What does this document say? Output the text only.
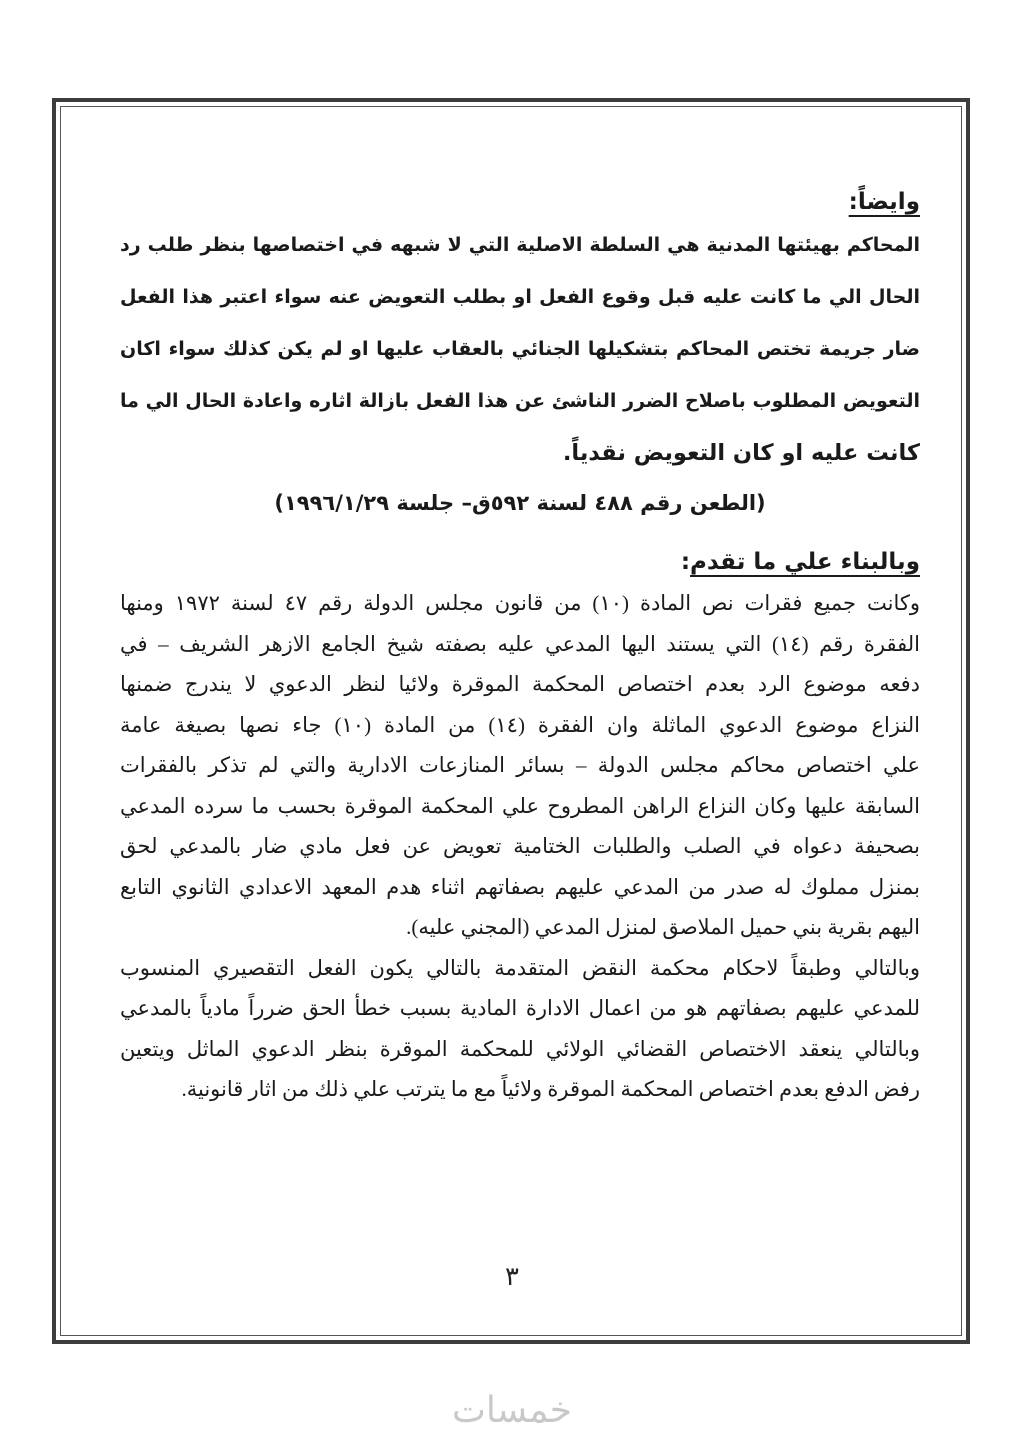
وايضاً:

المحاكم بهيئتها المدنية هي السلطة الاصلية التي لا شبهه في اختصاصها بنظر طلب رد
الحال الي ما كانت عليه قبل وقوع الفعل او بطلب التعويض عنه سواء اعتبر هذا الفعل
ضار جريمة تختص المحاكم بتشكيلها الجنائي بالعقاب عليها او لم يكن كذلك سواء اكان
التعويض المطلوب باصلاح الضرر الناشئ عن هذا الفعل بازالة اثاره واعادة الحال الي ما
كانت عليه او كان التعويض نقدياً.
(الطعن رقم ٤٨٨ لسنة ٥٩٢ق– جلسة ١٩٩٦/١/٢٩)

وبالبناء علي ما تقدم:

وكانت جميع فقرات نص المادة (١٠) من قانون مجلس الدولة رقم ٤٧ لسنة ١٩٧٢ ومنها
الفقرة رقم (١٤) التي يستند اليها المدعي عليه بصفته شيخ الجامع الازهر الشريف – في
دفعه موضوع الرد بعدم اختصاص المحكمة الموقرة ولائيا لنظر الدعوي لا يندرج ضمنها
النزاع موضوع الدعوي الماثلة وان الفقرة (١٤) من المادة (١٠) جاء نصها بصيغة عامة
علي اختصاص محاكم مجلس الدولة – بسائر المنازعات الادارية والتي لم تذكر بالفقرات
السابقة عليها وكان النزاع الراهن المطروح علي المحكمة الموقرة بحسب ما سرده المدعي
بصحيفة دعواه في الصلب والطلبات الختامية تعويض عن فعل مادي ضار بالمدعي لحق
بمنزل مملوك له صدر من المدعي عليهم بصفاتهم اثناء هدم المعهد الاعدادي الثانوي التابع
اليهم بقرية بني حميل الملاصق لمنزل المدعي (المجني عليه).
وبالتالي وطبقاً لاحكام محكمة النقض المتقدمة بالتالي يكون الفعل التقصيري المنسوب
للمدعي عليهم بصفاتهم هو من اعمال الادارة المادية بسبب خطأ الحق ضرراً مادياً بالمدعي
وبالتالي ينعقد الاختصاص القضائي الولائي للمحكمة الموقرة بنظر الدعوي الماثل ويتعين
رفض الدفع بعدم اختصاص المحكمة الموقرة ولائياً مع ما يترتب علي ذلك من اثار قانونية.
٣
خمسات
